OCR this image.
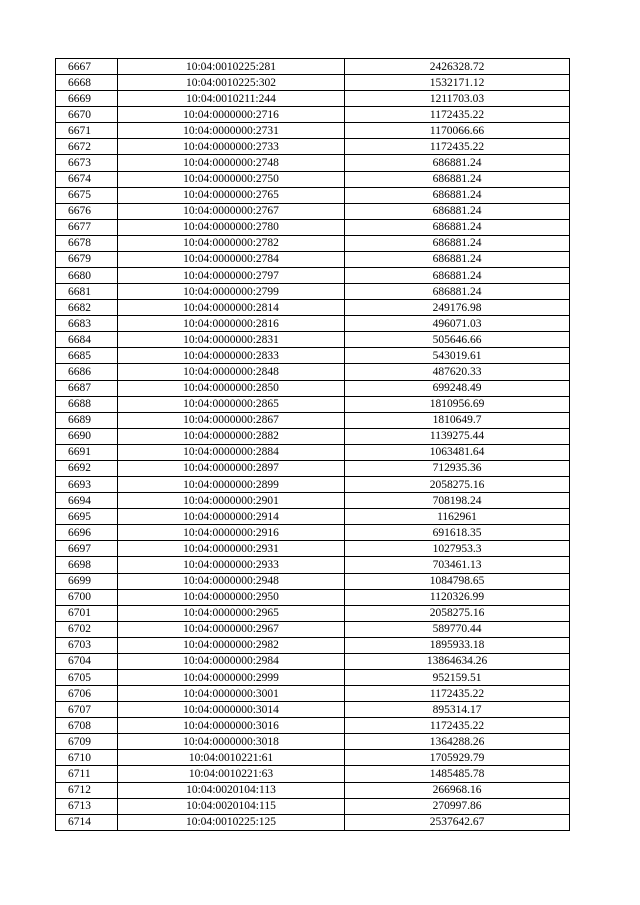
6667	10:04:0010225:281	2426328.72
6668	10:04:0010225:302	1532171.12
6669	10:04:0010211:244	1211703.03
6670	10:04:0000000:2716	1172435.22
6671	10:04:0000000:2731	1170066.66
6672	10:04:0000000:2733	1172435.22
6673	10:04:0000000:2748	686881.24
6674	10:04:0000000:2750	686881.24
6675	10:04:0000000:2765	686881.24
6676	10:04:0000000:2767	686881.24
6677	10:04:0000000:2780	686881.24
6678	10:04:0000000:2782	686881.24
6679	10:04:0000000:2784	686881.24
6680	10:04:0000000:2797	686881.24
6681	10:04:0000000:2799	686881.24
6682	10:04:0000000:2814	249176.98
6683	10:04:0000000:2816	496071.03
6684	10:04:0000000:2831	505646.66
6685	10:04:0000000:2833	543019.61
6686	10:04:0000000:2848	487620.33
6687	10:04:0000000:2850	699248.49
6688	10:04:0000000:2865	1810956.69
6689	10:04:0000000:2867	1810649.7
6690	10:04:0000000:2882	1139275.44
6691	10:04:0000000:2884	1063481.64
6692	10:04:0000000:2897	712935.36
6693	10:04:0000000:2899	2058275.16
6694	10:04:0000000:2901	708198.24
6695	10:04:0000000:2914	1162961
6696	10:04:0000000:2916	691618.35
6697	10:04:0000000:2931	1027953.3
6698	10:04:0000000:2933	703461.13
6699	10:04:0000000:2948	1084798.65
6700	10:04:0000000:2950	1120326.99
6701	10:04:0000000:2965	2058275.16
6702	10:04:0000000:2967	589770.44
6703	10:04:0000000:2982	1895933.18
6704	10:04:0000000:2984	13864634.26
6705	10:04:0000000:2999	952159.51
6706	10:04:0000000:3001	1172435.22
6707	10:04:0000000:3014	895314.17
6708	10:04:0000000:3016	1172435.22
6709	10:04:0000000:3018	1364288.26
6710	10:04:0010221:61	1705929.79
6711	10:04:0010221:63	1485485.78
6712	10:04:0020104:113	266968.16
6713	10:04:0020104:115	270997.86
6714	10:04:0010225:125	2537642.67
